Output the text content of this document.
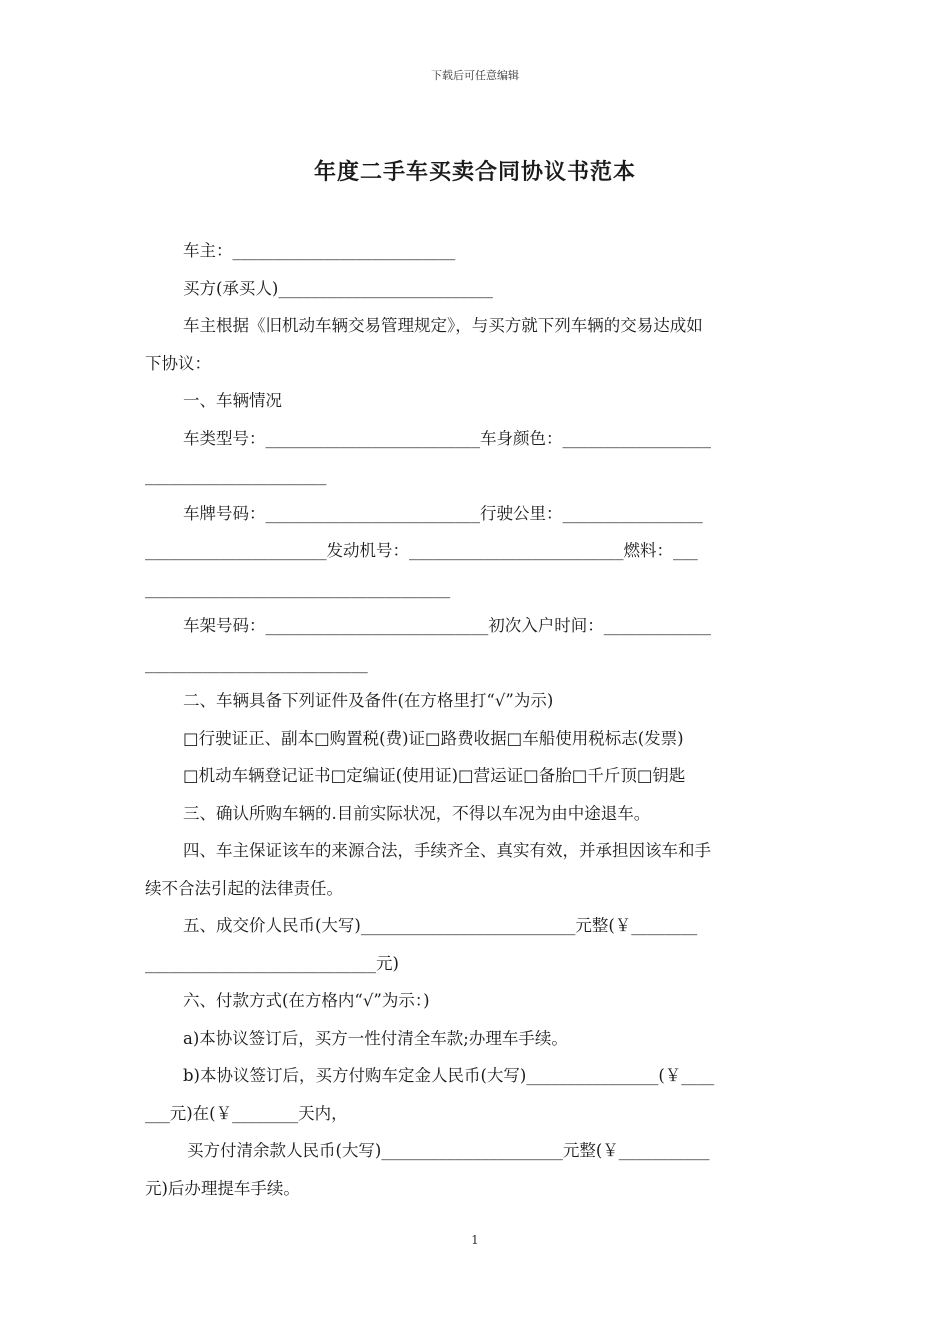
下载后可任意编辑
年度二手车买卖合同协议书范本
车主：___________________________
买方(承买人)__________________________
车主根据《旧机动车辆交易管理规定》，与买方就下列车辆的交易达成如
下协议：
一、车辆情况
车类型号：__________________________车身颜色：__________________
______________________
车牌号码：__________________________行驶公里：_________________
______________________发动机号：__________________________燃料：___
_____________________________________
车架号码：___________________________初次入户时间：_____________
___________________________
二、车辆具备下列证件及备件(在方格里打“√”为示)
□行驶证正、副本□购置税(费)证□路费收据□车船使用税标志(发票)
□机动车辆登记证书□定编证(使用证)□营运证□备胎□千斤顶□钥匙
三、确认所购车辆的.目前实际状况，不得以车况为由中途退车。
四、车主保证该车的来源合法，手续齐全、真实有效，并承担因该车和手
续不合法引起的法律责任。
五、成交价人民币(大写)__________________________元整(￥________
____________________________元)
六、付款方式(在方格内“√”为示：)
a)本协议签订后，买方一性付清全车款;办理车手续。
b)本协议签订后，买方付购车定金人民币(大写)________________(￥____
___元)在(￥________天内，
买方付清余款人民币(大写)______________________元整(￥___________
元)后办理提车手续。
1
